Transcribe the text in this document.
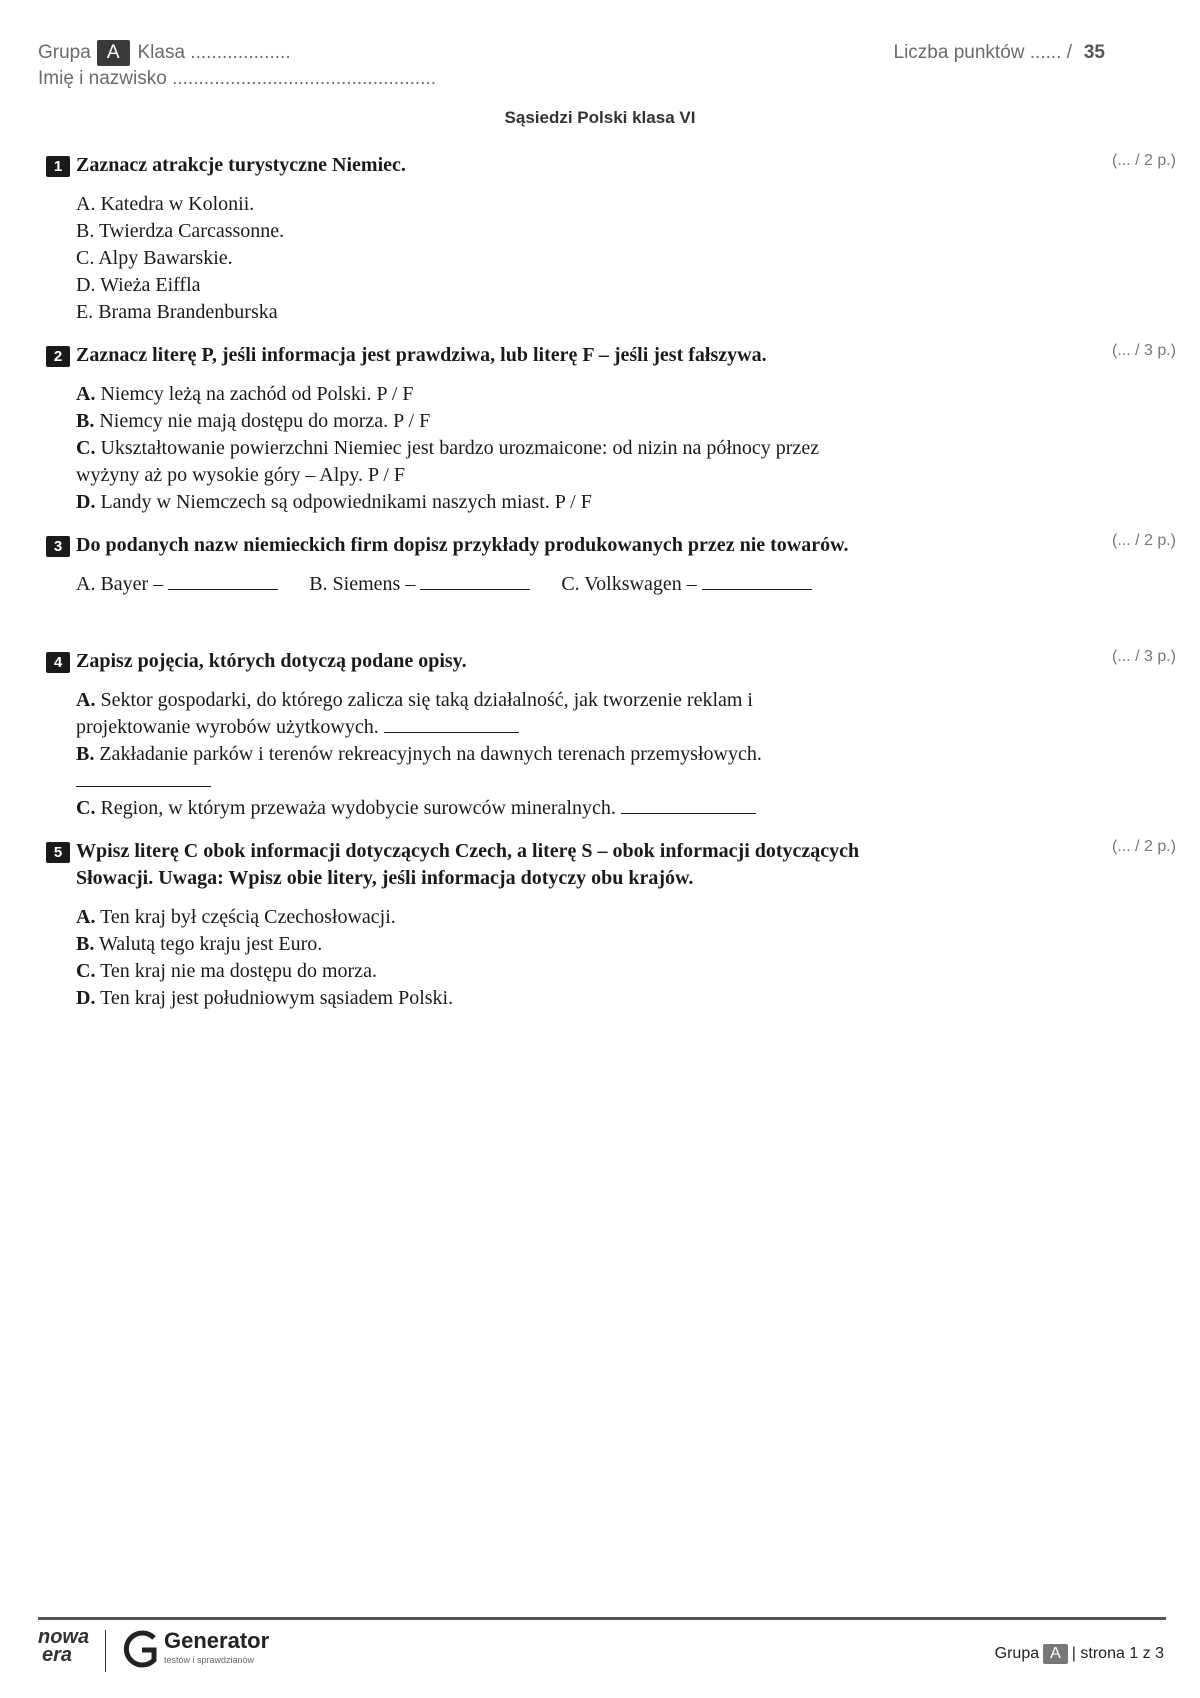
Grupa A Klasa ...................
Imię i nazwisko ..................................................
Liczba punktów ...... / 35
Sąsiedzi Polski klasa VI
1 Zaznacz atrakcje turystyczne Niemiec.	(... / 2 p.)
A. Katedra w Kolonii.
B. Twierdza Carcassonne.
C. Alpy Bawarskie.
D. Wieża Eiffla
E. Brama Brandenburska
2 Zaznacz literę P, jeśli informacja jest prawdziwa, lub literę F – jeśli jest fałszywa.	(... / 3 p.)
A. Niemcy leżą na zachód od Polski. P / F
B. Niemcy nie mają dostępu do morza. P / F
C. Ukształtowanie powierzchni Niemiec jest bardzo urozmaicone: od nizin na północy przez wyżyny aż po wysokie góry – Alpy. P / F
D. Landy w Niemczech są odpowiednikami naszych miast. P / F
3 Do podanych nazw niemieckich firm dopisz przykłady produkowanych przez nie towarów.	(... / 2 p.)
A. Bayer –	B. Siemens –	C. Volkswagen –
4 Zapisz pojęcia, których dotyczą podane opisy.	(... / 3 p.)
A. Sektor gospodarki, do którego zalicza się taką działalność, jak tworzenie reklam i projektowanie wyrobów użytkowych.
B. Zakładanie parków i terenów rekreacyjnych na dawnych terenach przemysłowych.

C. Region, w którym przeważa wydobycie surowców mineralnych.
5 Wpisz literę C obok informacji dotyczących Czech, a literę S – obok informacji dotyczących Słowacji. Uwaga: Wpisz obie litery, jeśli informacja dotyczy obu krajów.
(... / 2 p.)
A. Ten kraj był częścią Czechosłowacji.
B. Walutą tego kraju jest Euro.
C. Ten kraj nie ma dostępu do morza.
D. Ten kraj jest południowym sąsiadem Polski.
nowa
era
Generator
testów i sprawdzianów	Grupa A | strona 1 z 3
